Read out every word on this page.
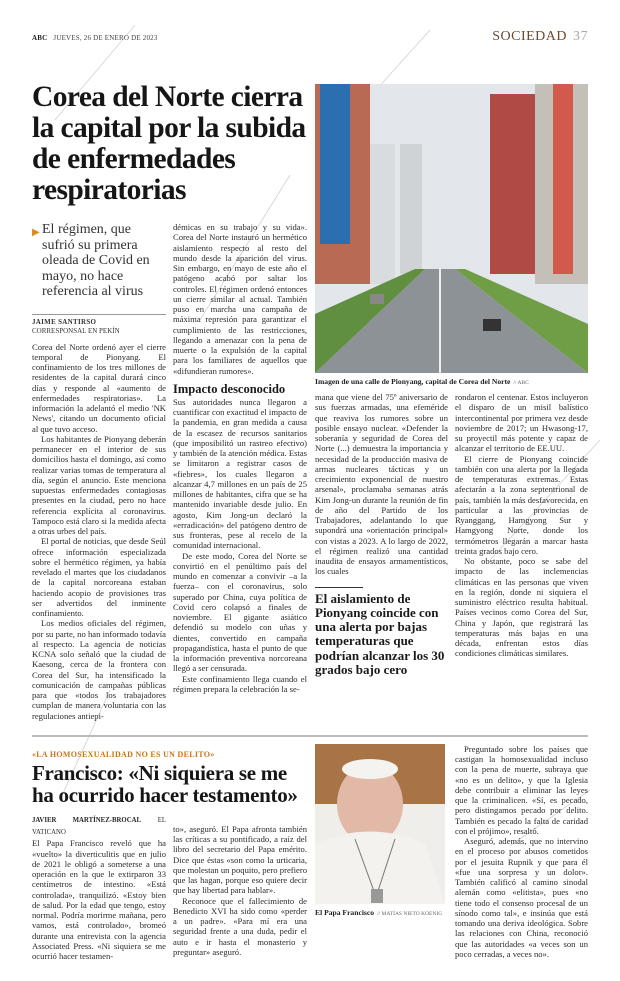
ABC JUEVES, 26 DE ENERO DE 2023	SOCIEDAD 37
Corea del Norte cierra la capital por la subida de enfermedades respiratorias
▶ El régimen, que sufrió su primera oleada de Covid en mayo, no hace referencia al virus

JAIME SANTIRSO
CORRESPONSAL EN PEKÍN

Corea del Norte ordenó ayer el cierre temporal de Pionyang. El confinamiento de los tres millones de residentes de la capital durará cinco días y responde al «aumento de enfermedades respiratorias». La información la adelantó el medio 'NK News', citando un documento oficial al que tuvo acceso.

Los habitantes de Pionyang deberán permanecer en el interior de sus domicilios hasta el domingo, así como realizar varias tomas de temperatura al día, según el anuncio. Este menciona supuestas enfermedades contagiosas presentes en la ciudad, pero no hace referencia explícita al coronavirus. Tampoco está claro si la medida afecta a otras urbes del país.

El portal de noticias, que desde Seúl ofrece información especializada sobre el hermético régimen, ya había revelado el martes que los ciudadanos de la capital norcoreana estaban haciendo acopio de provisiones tras ser advertidos del inminente confinamiento.

Los medios oficiales del régimen, por su parte, no han informado todavía al respecto. La agencia de noticias KCNA solo señaló que la ciudad de Kaesong, cerca de la frontera con Corea del Sur, ha intensificado la comunicación de campañas públicas para que «todos los trabajadores cumplan de manera voluntaria con las regulaciones antiepi-

démicas en su trabajo y su vida». Corea del Norte instauró un hermético aislamiento respecto al resto del mundo desde la aparición del virus. Sin embargo, en mayo de este año el patógeno acabó por saltar los controles. El régimen ordenó entonces un cierre similar al actual. También puso en marcha una campaña de máxima represión para garantizar el cumplimiento de las restricciones, llegando a amenazar con la pena de muerte o la expulsión de la capital para los familiares de aquellos que «difundieran rumores».

Impacto desconocido

Sus autoridades nunca llegaron a cuantificar con exactitud el impacto de la pandemia, en gran medida a causa de la escasez de recursos sanitarios (que imposibilitó un rastreo efectivo) y también de la atención médica. Estas se limitaron a registrar casos de «fiebres», los cuales llegaron a alcanzar 4,7 millones en un país de 25 millones de habitantes, cifra que se ha mantenido invariable desde julio. En agosto, Kim Jong-un declaró la «erradicación» del patógeno dentro de sus fronteras, pese al recelo de la comunidad internacional.

De este modo, Corea del Norte se convirtió en el penúltimo país del mundo en comenzar a convivir –a la fuerza– con el coronavirus, solo superado por China, cuya política de Covid cero colapsó a finales de noviembre. El gigante asiático defendió su modelo con uñas y dientes, convertido en campaña propagandística, hasta el punto de que la información preventiva norcoreana llegó a ser censurada.

Este confinamiento llega cuando el régimen prepara la celebración la se-

Imagen de una calle de Pionyang, capital de Corea del Norte // ABC

mana que viene del 75º aniversario de sus fuerzas armadas, una efeméride que reaviva los rumores sobre un posible ensayo nuclear. «Defender la soberanía y seguridad de Corea del Norte (...) demuestra la importancia y necesidad de la producción masiva de armas nucleares tácticas y un crecimiento exponencial de nuestro arsenal», proclamaba semanas atrás Kim Jong-un durante la reunión de fin de año del Partido de los Trabajadores, adelantando lo que supondrá una «orientación principal» con vistas a 2023. A lo largo de 2022, el régimen realizó una cantidad inaudita de ensayos armamentísticos, los cuales

El aislamiento de Pionyang coincide con una alerta por bajas temperaturas que podrían alcanzar los 30 grados bajo cero

rondaron el centenar. Estos incluyeron el disparo de un misil balístico intercontinental por primera vez desde noviembre de 2017; un Hwasong-17, su proyectil más potente y capaz de alcanzar el territorio de EE.UU.

El cierre de Pionyang coincide también con una alerta por la llegada de temperaturas extremas. Estas afectarán a la zona septentrional de país, también la más desfavorecida, en particular a las provincias de Ryanggang, Hamgyong Sur y Hamgyong Norte, donde los termómetros llegarán a marcar hasta treinta grados bajo cero.

No obstante, poco se sabe del impacto de las inclemencias climáticas en las personas que viven en la región, donde ni siquiera el suministro eléctrico resulta habitual. Países vecinos como Corea del Sur, China y Japón, que registrará las temperaturas más bajas en una década, enfrentan estos días condiciones climáticas similares.

«LA HOMOSEXUALIDAD NO ES UN DELITO»
Francisco: «Ni siquiera se me ha ocurrido hacer testamento»

JAVIER MARTÍNEZ-BROCAL EL VATICANO

El Papa Francisco reveló que ha «vuelto» la diverticulitis que en julio de 2021 le obligó a someterse a una operación en la que le extirparon 33 centímetros de intestino. «Está controlada», tranquilizó. «Estoy bien de salud. Por la edad que tengo, estoy normal. Podría morirme mañana, pero vamos, está controlado», bromeó durante una entrevista con la agencia Associated Press. «Ni siquiera se me ocurrió hacer testamen-

to», aseguró. El Papa afronta también las críticas a su pontificado, a raíz del libro del secretario del Papa emérito. Dice que éstas «son como la urticaria, que molestan un poquito, pero prefiero que las hagan, porque eso quiere decir que hay libertad para hablar».

Reconoce que el fallecimiento de Benedicto XVI ha sido como «perder a un padre». «Para mí era una seguridad frente a una duda, pedir el auto e ir hasta el monasterio y preguntar» aseguró.

El Papa Francisco // MATÍAS NIETO KOENIG

Preguntado sobre los países que castigan la homosexualidad incluso con la pena de muerte, subraya que «no es un delito», y que la Iglesia debe contribuir a eliminar las leyes que la criminalicen. «Sí, es pecado, pero distingamos pecado por delito. También es pecado la falta de caridad con el prójimo», resaltó.

Aseguró, además, que no intervino en el proceso por abusos cometidos por el jesuita Rupnik y que para él «fue una sorpresa y un dolor». También calificó al camino sinodal alemán como «elitista», pues «no tiene todo el consenso procesal de un sínodo como tal», e insinúa que está tomando una deriva ideológica. Sobre las relaciones con China, reconoció que las autoridades «a veces son un poco cerradas, a veces no».
